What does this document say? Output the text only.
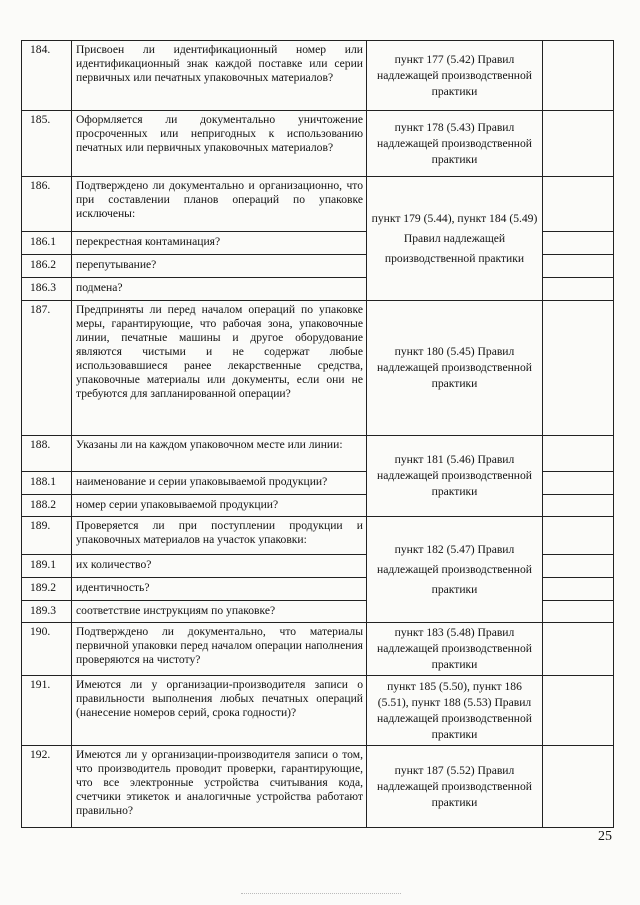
184.	Присвоен ли идентификационный номер или идентификационный знак каждой поставке или серии первичных или печатных упаковочных материалов?	пункт 177 (5.42) Правил надлежащей производственной практики	
185.	Оформляется ли документально уничтожение просроченных или непригодных к использованию печатных или первичных упаковочных материалов?	пункт 178 (5.43) Правил надлежащей производственной практики	
186.	Подтверждено ли документально и организационно, что при составлении планов операций по упаковке исключены:	пункт 179 (5.44), пункт 184 (5.49) Правил надлежащей производственной практики	
186.1	перекрестная контаминация?		
186.2	перепутывание?		
186.3	подмена?		
187.	Предприняты ли перед началом операций по упаковке меры, гарантирующие, что рабочая зона, упаковочные линии, печатные машины и другое оборудование являются чистыми и не содержат любые использовавшиеся ранее лекарственные средства, упаковочные материалы или документы, если они не требуются для запланированной операции?	пункт 180 (5.45) Правил надлежащей производственной практики	
188.	Указаны ли на каждом упаковочном месте или линии:	пункт 181 (5.46) Правил надлежащей производственной практики	
188.1	наименование и серии упаковываемой продукции?		
188.2	номер серии упаковываемой продукции?		
189.	Проверяется ли при поступлении продукции и упаковочных материалов на участок упаковки:	пункт 182 (5.47) Правил надлежащей производственной практики	
189.1	их количество?		
189.2	идентичность?		
189.3	соответствие инструкциям по упаковке?		
190.	Подтверждено ли документально, что материалы первичной упаковки перед началом операции наполнения проверяются на чистоту?	пункт 183 (5.48) Правил надлежащей производственной практики	
191.	Имеются ли у организации-производителя записи о правильности выполнения любых печатных операций (нанесение номеров серий, срока годности)?	пункт 185 (5.50), пункт 186 (5.51), пункт 188 (5.53) Правил надлежащей производственной практики	
192.	Имеются ли у организации-производителя записи о том, что производитель проводит проверки, гарантирующие, что все электронные устройства считывания кода, счетчики этикеток и аналогичные устройства работают правильно?	пункт 187 (5.52) Правил надлежащей производственной практики	
25
